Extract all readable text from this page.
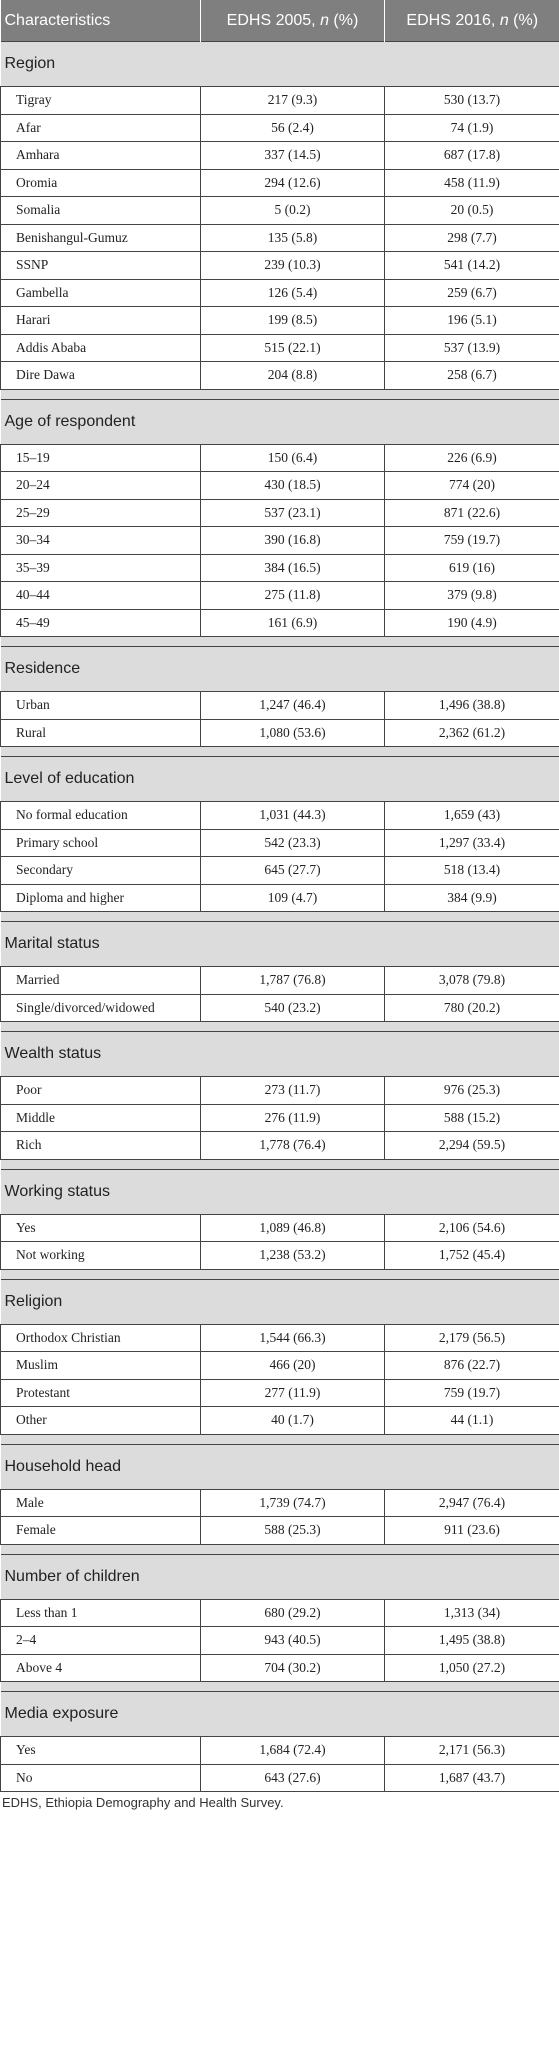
Characteristics	EDHS 2005, n (%)	EDHS 2016, n (%)
Region		
Tigray	217 (9.3)	530 (13.7)
Afar	56 (2.4)	74 (1.9)
Amhara	337 (14.5)	687 (17.8)
Oromia	294 (12.6)	458 (11.9)
Somalia	5 (0.2)	20 (0.5)
Benishangul-Gumuz	135 (5.8)	298 (7.7)
SSNP	239 (10.3)	541 (14.2)
Gambella	126 (5.4)	259 (6.7)
Harari	199 (8.5)	196 (5.1)
Addis Ababa	515 (22.1)	537 (13.9)
Dire Dawa	204 (8.8)	258 (6.7)

Age of respondent		
15–19	150 (6.4)	226 (6.9)
20–24	430 (18.5)	774 (20)
25–29	537 (23.1)	871 (22.6)
30–34	390 (16.8)	759 (19.7)
35–39	384 (16.5)	619 (16)
40–44	275 (11.8)	379 (9.8)
45–49	161 (6.9)	190 (4.9)

Residence		
Urban	1,247 (46.4)	1,496 (38.8)
Rural	1,080 (53.6)	2,362 (61.2)

Level of education		
No formal education	1,031 (44.3)	1,659 (43)
Primary school	542 (23.3)	1,297 (33.4)
Secondary	645 (27.7)	518 (13.4)
Diploma and higher	109 (4.7)	384 (9.9)

Marital status		
Married	1,787 (76.8)	3,078 (79.8)
Single/divorced/widowed	540 (23.2)	780 (20.2)

Wealth status		
Poor	273 (11.7)	976 (25.3)
Middle	276 (11.9)	588 (15.2)
Rich	1,778 (76.4)	2,294 (59.5)

Working status		
Yes	1,089 (46.8)	2,106 (54.6)
Not working	1,238 (53.2)	1,752 (45.4)

Religion		
Orthodox Christian	1,544 (66.3)	2,179 (56.5)
Muslim	466 (20)	876 (22.7)
Protestant	277 (11.9)	759 (19.7)
Other	40 (1.7)	44 (1.1)

Household head		
Male	1,739 (74.7)	2,947 (76.4)
Female	588 (25.3)	911 (23.6)

Number of children		
Less than 1	680 (29.2)	1,313 (34)
2–4	943 (40.5)	1,495 (38.8)
Above 4	704 (30.2)	1,050 (27.2)

Media exposure		
Yes	1,684 (72.4)	2,171 (56.3)
No	643 (27.6)	1,687 (43.7)
EDHS, Ethiopia Demography and Health Survey.
